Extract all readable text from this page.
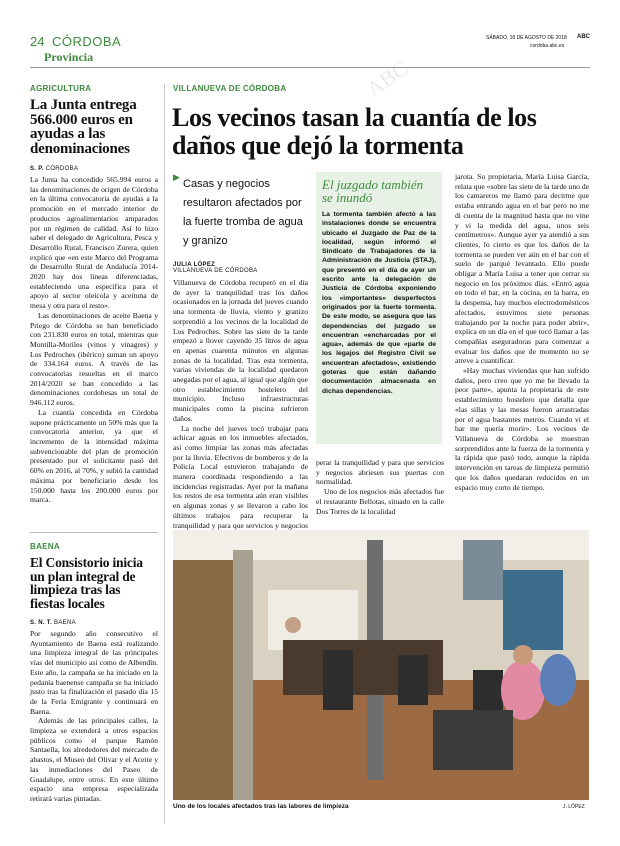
24 CÓRDOBA
Provincia
SÁBADO, 18 DE AGOSTO DE 2018 ABC
cordoba.abc.es
AGRICULTURA
La Junta entrega 566.000 euros en ayudas a las denominaciones
S. P. CÓRDOBA

La Junta ha concedido 565.994 euros a las denominaciones de origen de Córdoba en la última convocatoria de ayudas a la promoción en el mercado interior de productos agroalimentarios amparados por un régimen de calidad. Así lo hizo saber el delegado de Agricultura, Pesca y Desarrollo Rural, Francisco Zurera, quien explicó que «en este Marco del Programa de Desarrollo Rural de Andalucía 2014-2020 hay dos líneas diferenciadas, estableciendo una específica para el apoyo al sector oleícola y aceituna de mesa y otra para el resto».

Las denominaciones de aceite Baena y Priego de Córdoba se han beneficiado con 231.830 euros en total, mientras que Montilla-Moriles (vinos y vinagres) y Los Pedroches (ibérico) suman un apoyo de 334.164 euros. A través de las convocatorias resueltas en el marco 2014/2020 se han concedido a las denominaciones cordobesas un total de 946.112 euros.

La cuantía concedida en Córdoba supone prácticamente un 50% más que la convocatoria anterior, ya que el incremento de la intensidad máxima subvencionable del plan de promoción presentado por el solicitante pasó del 60% en 2016, al 70%, y subió la cantidad máxima por beneficiario desde los 150.000 hasta los 200.000 euros por marca.

BAENA
El Consistorio inicia un plan integral de limpieza tras las fiestas locales
S. N. T. BAENA

Por segundo año consecutivo el Ayuntamiento de Baena está realizando una limpieza integral de las principales vías del municipio así como de Albendín. Este año, la campaña se ha iniciado en la pedanía baenense campaña se ha iniciado justo tras la finalización el pasado día 15 de la Feria Emigrante y continuará en Baena.

Además de las principales calles, la limpieza se extenderá a otros espacios públicos como el parque Ramón Santaella, los alrededores del mercado de abastos, el Museo del Olivar y el Aceite y las inmediaciones del Paseo de Guadalupe, entre otros. En este último espacio una empresa especializada retirará varias pintadas.

VILLANUEVA DE CÓRDOBA
Los vecinos tasan la cuantía de los daños que dejó la tormenta
▶ Casas y negocios resultaron afectados por la fuerte tromba de agua y granizo
JULIA LÓPEZ
VILLANUEVA DE CÓRDOBA

Villanueva de Córdoba recuperó en el día de ayer la tranquilidad tras los daños ocasionados en la jornada del jueves cuando una tormenta de lluvia, viento y granizo sorprendió a los vecinos de la localidad de Los Pedroches. Sobre las siete de la tarde empezó a llover cayendo 35 litros de agua en apenas cuarenta minutos en algunas zonas de la localidad. Tras esta tormenta, varias viviendas de la localidad quedaron anegadas por el agua, al igual que algún que otro establecimiento hostelero del municipio. Incluso infraestructuras municipales como la piscina sufrieron daños.

La noche del jueves tocó trabajar para achicar aguas en los inmuebles afectados, así como limpiar las zonas más afectadas por la lluvia. Efectivos de bomberos y de la Policía Local estuvieron trabajando de manera coordinada respondiendo a las incidencias registradas. Ayer por la mañana los restos de esa tormenta aún eran visibles en algunas zonas y se llevaron a cabo los últimos trabajos para recuperar la tranquilidad y para que servicios y negocios

El juzgado también se inundó
La tormenta también afectó a las instalaciones donde se encuentra ubicado el Juzgado de Paz de la localidad, según informó el Sindicato de Trabajadores de la Administración de Justicia (STAJ), que presentó en el día de ayer un escrito ante la delegación de Justicia de Córdoba exponiendo los «importantes» desperfectos originados por la fuerte tormenta. De este modo, se asegura que las dependencias del juzgado se encuentran «encharcadas por el agua», además de que «parte de los legajos del Registro Civil se encuentran afectados», existiendo goteras que están dañando documentación almacenada en dichas dependencias.

perar la tranquilidad y para que servicios y negocios abriesen sus puertas con normalidad.

Uno de los negocios más afectados fue el restaurante Bellotas, situado en la calle Dos Torres de la localidad

jarota. Su propietaria, María Luisa García, relata que «sobre las siete de la tarde uno de los camareros me llamó para decirme que estaba entrando agua en el bar pero no me di cuenta de la magnitud hasta que no vine y vi la medida del agua, unos seis centímetros». Aunque ayer ya atendió a sus clientes, lo cierto es que los daños de la tormenta se pueden ver aún en el bar con el suelo de parqué levantado. Ello puede obligar a María Luisa a tener que cerrar su negocio en los próximos días. «Entró agua en todo el bar, en la cocina, en la barra, en la despensa, hay muchos electrodomésticos afectados, estuvimos siete personas trabajando por la noche para poder abrir», explica en un día en el que tocó llamar a las compañías aseguradoras para comenzar a evaluar los daños que de momento no se atreve a cuantificar.

«Hay muchas viviendas que han sufrido daños, pero creo que yo me he llevado la peor parte», apunta la propietaria de este establecimiento hostelero que detalla que «las sillas y las mesas fueron arrastradas por el agua bastantes metros. Cuando vi el bar me quería morir». Los vecinos de Villanueva de Córdoba se muestran sorprendidos ante la fuerza de la tormenta y la rápida que pasó todo, aunque la rápida intervención en tareas de limpieza permitió que los daños quedaran reducidos en un espacio muy corto de tiempo.

Uno de los locales afectados tras las labores de limpieza	J. LÓPEZ
ABC
